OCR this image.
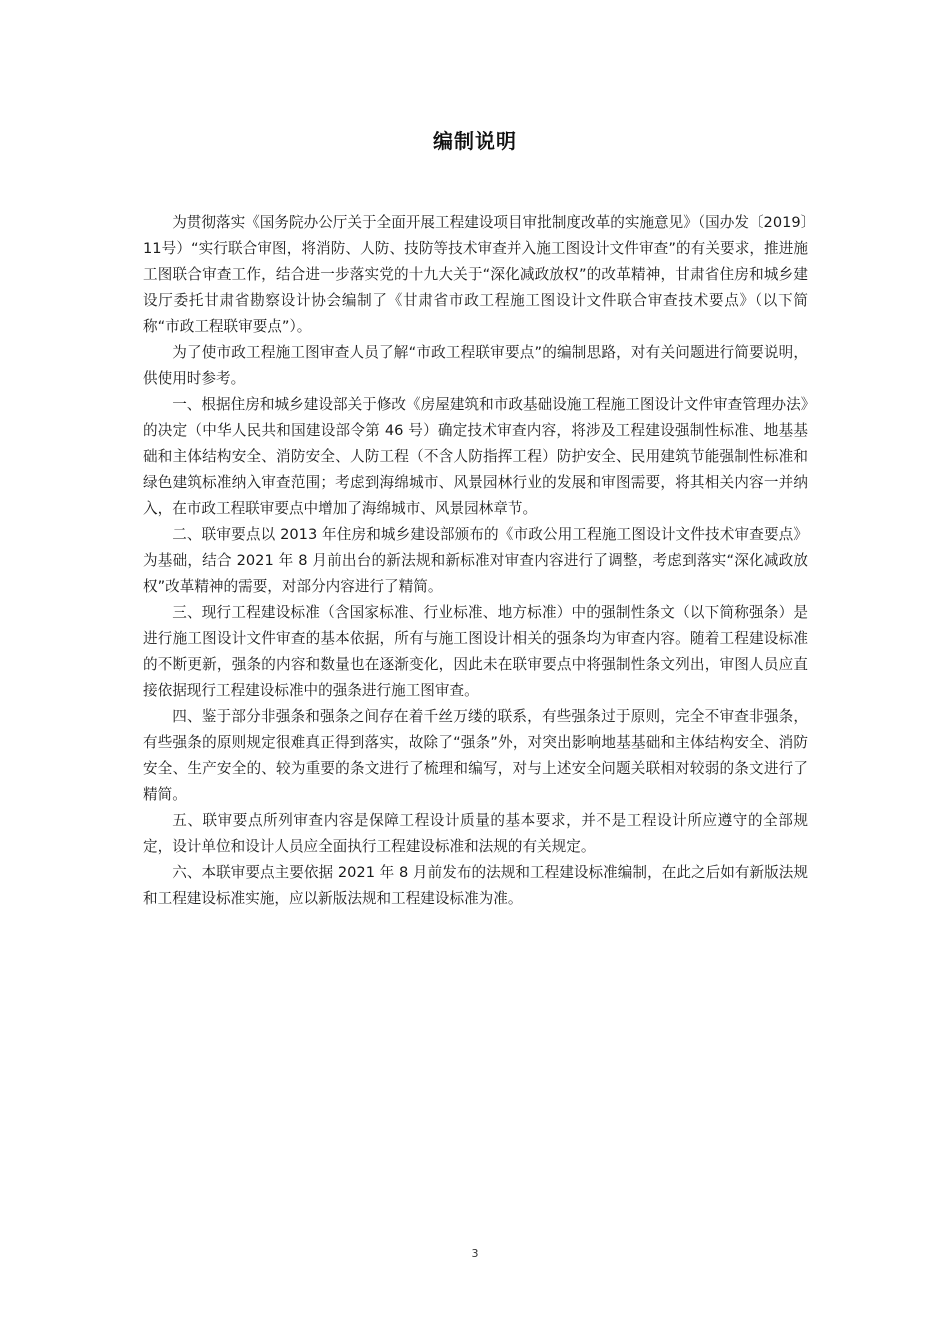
编制说明

为贯彻落实《国务院办公厅关于全面开展工程建设项目审批制度改革的实施意见》（国办发〔2019〕11号）“实行联合审图，将消防、人防、技防等技术审查并入施工图设计文件审查”的有关要求，推进施工图联合审查工作，结合进一步落实党的十九大关于“深化减政放权”的改革精神，甘肃省住房和城乡建设厅委托甘肃省勘察设计协会编制了《甘肃省市政工程施工图设计文件联合审查技术要点》（以下简称“市政工程联审要点”）。

为了使市政工程施工图审查人员了解“市政工程联审要点”的编制思路，对有关问题进行简要说明，供使用时参考。

一、根据住房和城乡建设部关于修改《房屋建筑和市政基础设施工程施工图设计文件审查管理办法》的决定（中华人民共和国建设部令第 46 号）确定技术审查内容，将涉及工程建设强制性标准、地基基础和主体结构安全、消防安全、人防工程（不含人防指挥工程）防护安全、民用建筑节能强制性标准和绿色建筑标准纳入审查范围；考虑到海绵城市、风景园林行业的发展和审图需要，将其相关内容一并纳入，在市政工程联审要点中增加了海绵城市、风景园林章节。

二、联审要点以 2013 年住房和城乡建设部颁布的《市政公用工程施工图设计文件技术审查要点》为基础，结合 2021 年 8 月前出台的新法规和新标准对审查内容进行了调整，考虑到落实“深化减政放权”改革精神的需要，对部分内容进行了精简。

三、现行工程建设标准（含国家标准、行业标准、地方标准）中的强制性条文（以下简称强条）是进行施工图设计文件审查的基本依据，所有与施工图设计相关的强条均为审查内容。随着工程建设标准的不断更新，强条的内容和数量也在逐渐变化，因此未在联审要点中将强制性条文列出，审图人员应直接依据现行工程建设标准中的强条进行施工图审查。

四、鉴于部分非强条和强条之间存在着千丝万缕的联系，有些强条过于原则，完全不审查非强条，有些强条的原则规定很难真正得到落实，故除了“强条”外，对突出影响地基基础和主体结构安全、消防安全、生产安全的、较为重要的条文进行了梳理和编写，对与上述安全问题关联相对较弱的条文进行了精简。

五、联审要点所列审查内容是保障工程设计质量的基本要求，并不是工程设计所应遵守的全部规定，设计单位和设计人员应全面执行工程建设标准和法规的有关规定。

六、本联审要点主要依据 2021 年 8 月前发布的法规和工程建设标准编制，在此之后如有新版法规和工程建设标准实施，应以新版法规和工程建设标准为准。

3
